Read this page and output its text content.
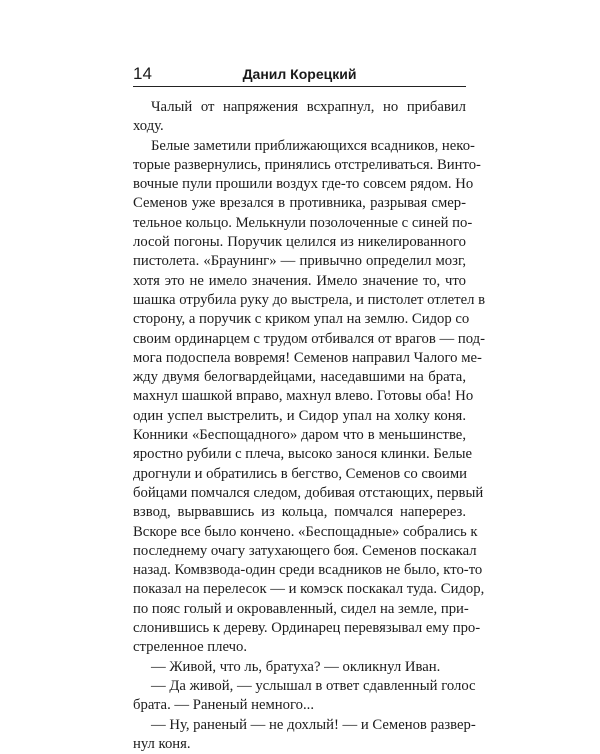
14	Данил Корецкий
Чалый от напряжения всхрапнул, но прибавил
ходу.
Белые заметили приближающихся всадников, неко-
торые развернулись, принялись отстреливаться. Винто-
вочные пули прошили воздух где-то совсем рядом. Но
Семенов уже врезался в противника, разрывая смер-
тельное кольцо. Мелькнули позолоченные с синей по-
лосой погоны. Поручик целился из никелированного
пистолета. «Браунинг» — привычно определил мозг,
хотя это не имело значения. Имело значение то, что
шашка отрубила руку до выстрела, и пистолет отлетел в
сторону, а поручик с криком упал на землю. Сидор со
своим ординарцем с трудом отбивался от врагов — под-
мога подоспела вовремя! Семенов направил Чалого ме-
жду двумя белогвардейцами, наседавшими на брата,
махнул шашкой вправо, махнул влево. Готовы оба! Но
один успел выстрелить, и Сидор упал на холку коня.
Конники «Беспощадного» даром что в меньшинстве,
яростно рубили с плеча, высоко занося клинки. Белые
дрогнули и обратились в бегство, Семенов со своими
бойцами помчался следом, добивая отстающих, первый
взвод, вырвавшись из кольца, помчался наперерез.
Вскоре все было кончено. «Беспощадные» собрались к
последнему очагу затухающего боя. Семенов поскакал
назад. Комвзвода-один среди всадников не было, кто-то
показал на перелесок — и комэск поскакал туда. Сидор,
по пояс голый и окровавленный, сидел на земле, при-
слонившись к дереву. Ординарец перевязывал ему про-
стреленное плечо.
— Живой, что ль, братуха? — окликнул Иван.
— Да живой, — услышал в ответ сдавленный голос
брата. — Раненый немного...
— Ну, раненый — не дохлый! — и Семенов развер-
нул коня.
